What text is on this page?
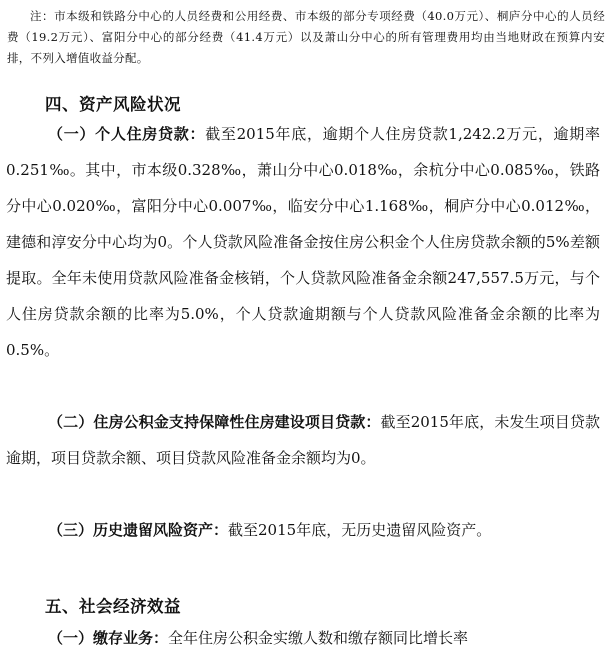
注：市本级和铁路分中心的人员经费和公用经费、市本级的部分专项经费（40.0万元）、桐庐分中心的人员经费（19.2万元）、富阳分中心的部分经费（41.4万元）以及萧山分中心的所有管理费用均由当地财政在预算内安排，不列入增值收益分配。
四、资产风险状况
（一）个人住房贷款：截至2015年底，逾期个人住房贷款1,242.2万元，逾期率0.251‰。其中，市本级0.328‰，萧山分中心0.018‰，余杭分中心0.085‰，铁路分中心0.020‰，富阳分中心0.007‰，临安分中心1.168‰，桐庐分中心0.012‰，建德和淳安分中心均为0。个人贷款风险准备金按住房公积金个人住房贷款余额的5%差额提取。全年未使用贷款风险准备金核销，个人贷款风险准备金余额247,557.5万元，与个人住房贷款余额的比率为5.0%，个人贷款逾期额与个人贷款风险准备金余额的比率为0.5%。
（二）住房公积金支持保障性住房建设项目贷款：截至2015年底，未发生项目贷款逾期，项目贷款余额、项目贷款风险准备金余额均为0。
（三）历史遗留风险资产：截至2015年底，无历史遗留风险资产。
五、社会经济效益
（一）缴存业务：全年住房公积金实缴人数和缴存额同比增长率
